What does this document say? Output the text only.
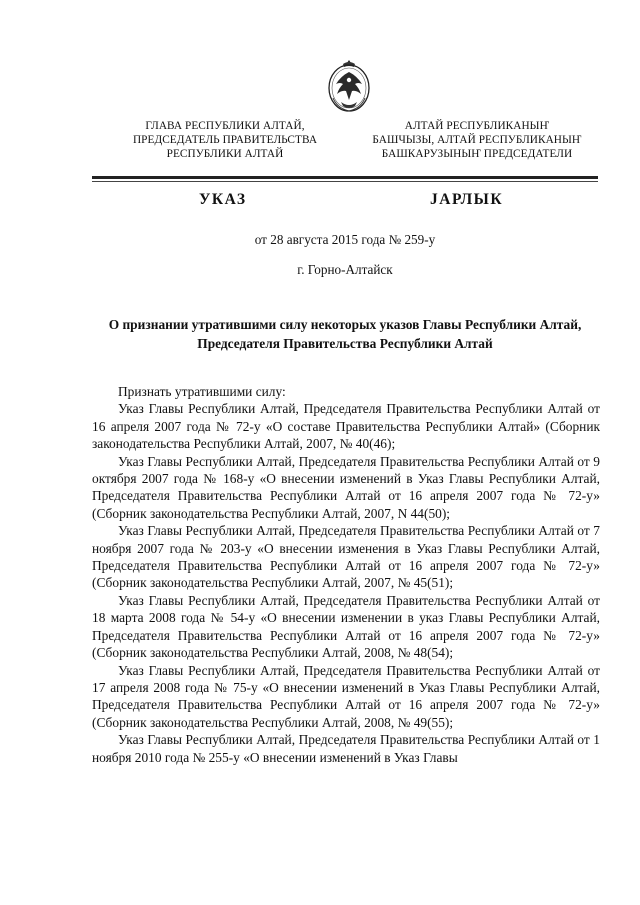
ГЛАВА РЕСПУБЛИКИ АЛТАЙ,
ПРЕДСЕДАТЕЛЬ ПРАВИТЕЛЬСТВА
РЕСПУБЛИКИ АЛТАЙ
АЛТАЙ РЕСПУБЛИКАНЫҤ
БАШЧЫЗЫ, АЛТАЙ РЕСПУБЛИКАНЫҤ
БАШКАРУЗЫНЫҤ ПРЕДСЕДАТЕЛИ
УКАЗ	JАРЛЫК
от 28 августа 2015 года № 259-у
г. Горно-Алтайск
О признании утратившими силу некоторых указов Главы Республики Алтай, Председателя Правительства Республики Алтай

Признать утратившими силу:

Указ Главы Республики Алтай, Председателя Правительства Республики Алтай от 16 апреля 2007 года № 72-у «О составе Правительства Республики Алтай» (Сборник законодательства Республики Алтай, 2007, № 40(46);

Указ Главы Республики Алтай, Председателя Правительства Республики Алтай от 9 октября 2007 года № 168-у «О внесении изменений в Указ Главы Республики Алтай, Председателя Правительства Республики Алтай от 16 апреля 2007 года № 72-у» (Сборник законодательства Республики Алтай, 2007, N 44(50);

Указ Главы Республики Алтай, Председателя Правительства Республики Алтай от 7 ноября 2007 года № 203-у «О внесении изменения в Указ Главы Республики Алтай, Председателя Правительства Республики Алтай от 16 апреля 2007 года № 72-у» (Сборник законодательства Республики Алтай, 2007, № 45(51);

Указ Главы Республики Алтай, Председателя Правительства Республики Алтай от 18 марта 2008 года № 54-у «О внесении изменении в указ Главы Республики Алтай, Председателя Правительства Республики Алтай от 16 апреля 2007 года № 72-у» (Сборник законодательства Республики Алтай, 2008, № 48(54);

Указ Главы Республики Алтай, Председателя Правительства Республики Алтай от 17 апреля 2008 года № 75-у «О внесении изменений в Указ Главы Республики Алтай, Председателя Правительства Республики Алтай от 16 апреля 2007 года № 72-у» (Сборник законодательства Республики Алтай, 2008, № 49(55);

Указ Главы Республики Алтай, Председателя Правительства Республики Алтай от 1 ноября 2010 года № 255-у «О внесении изменений в Указ Главы
